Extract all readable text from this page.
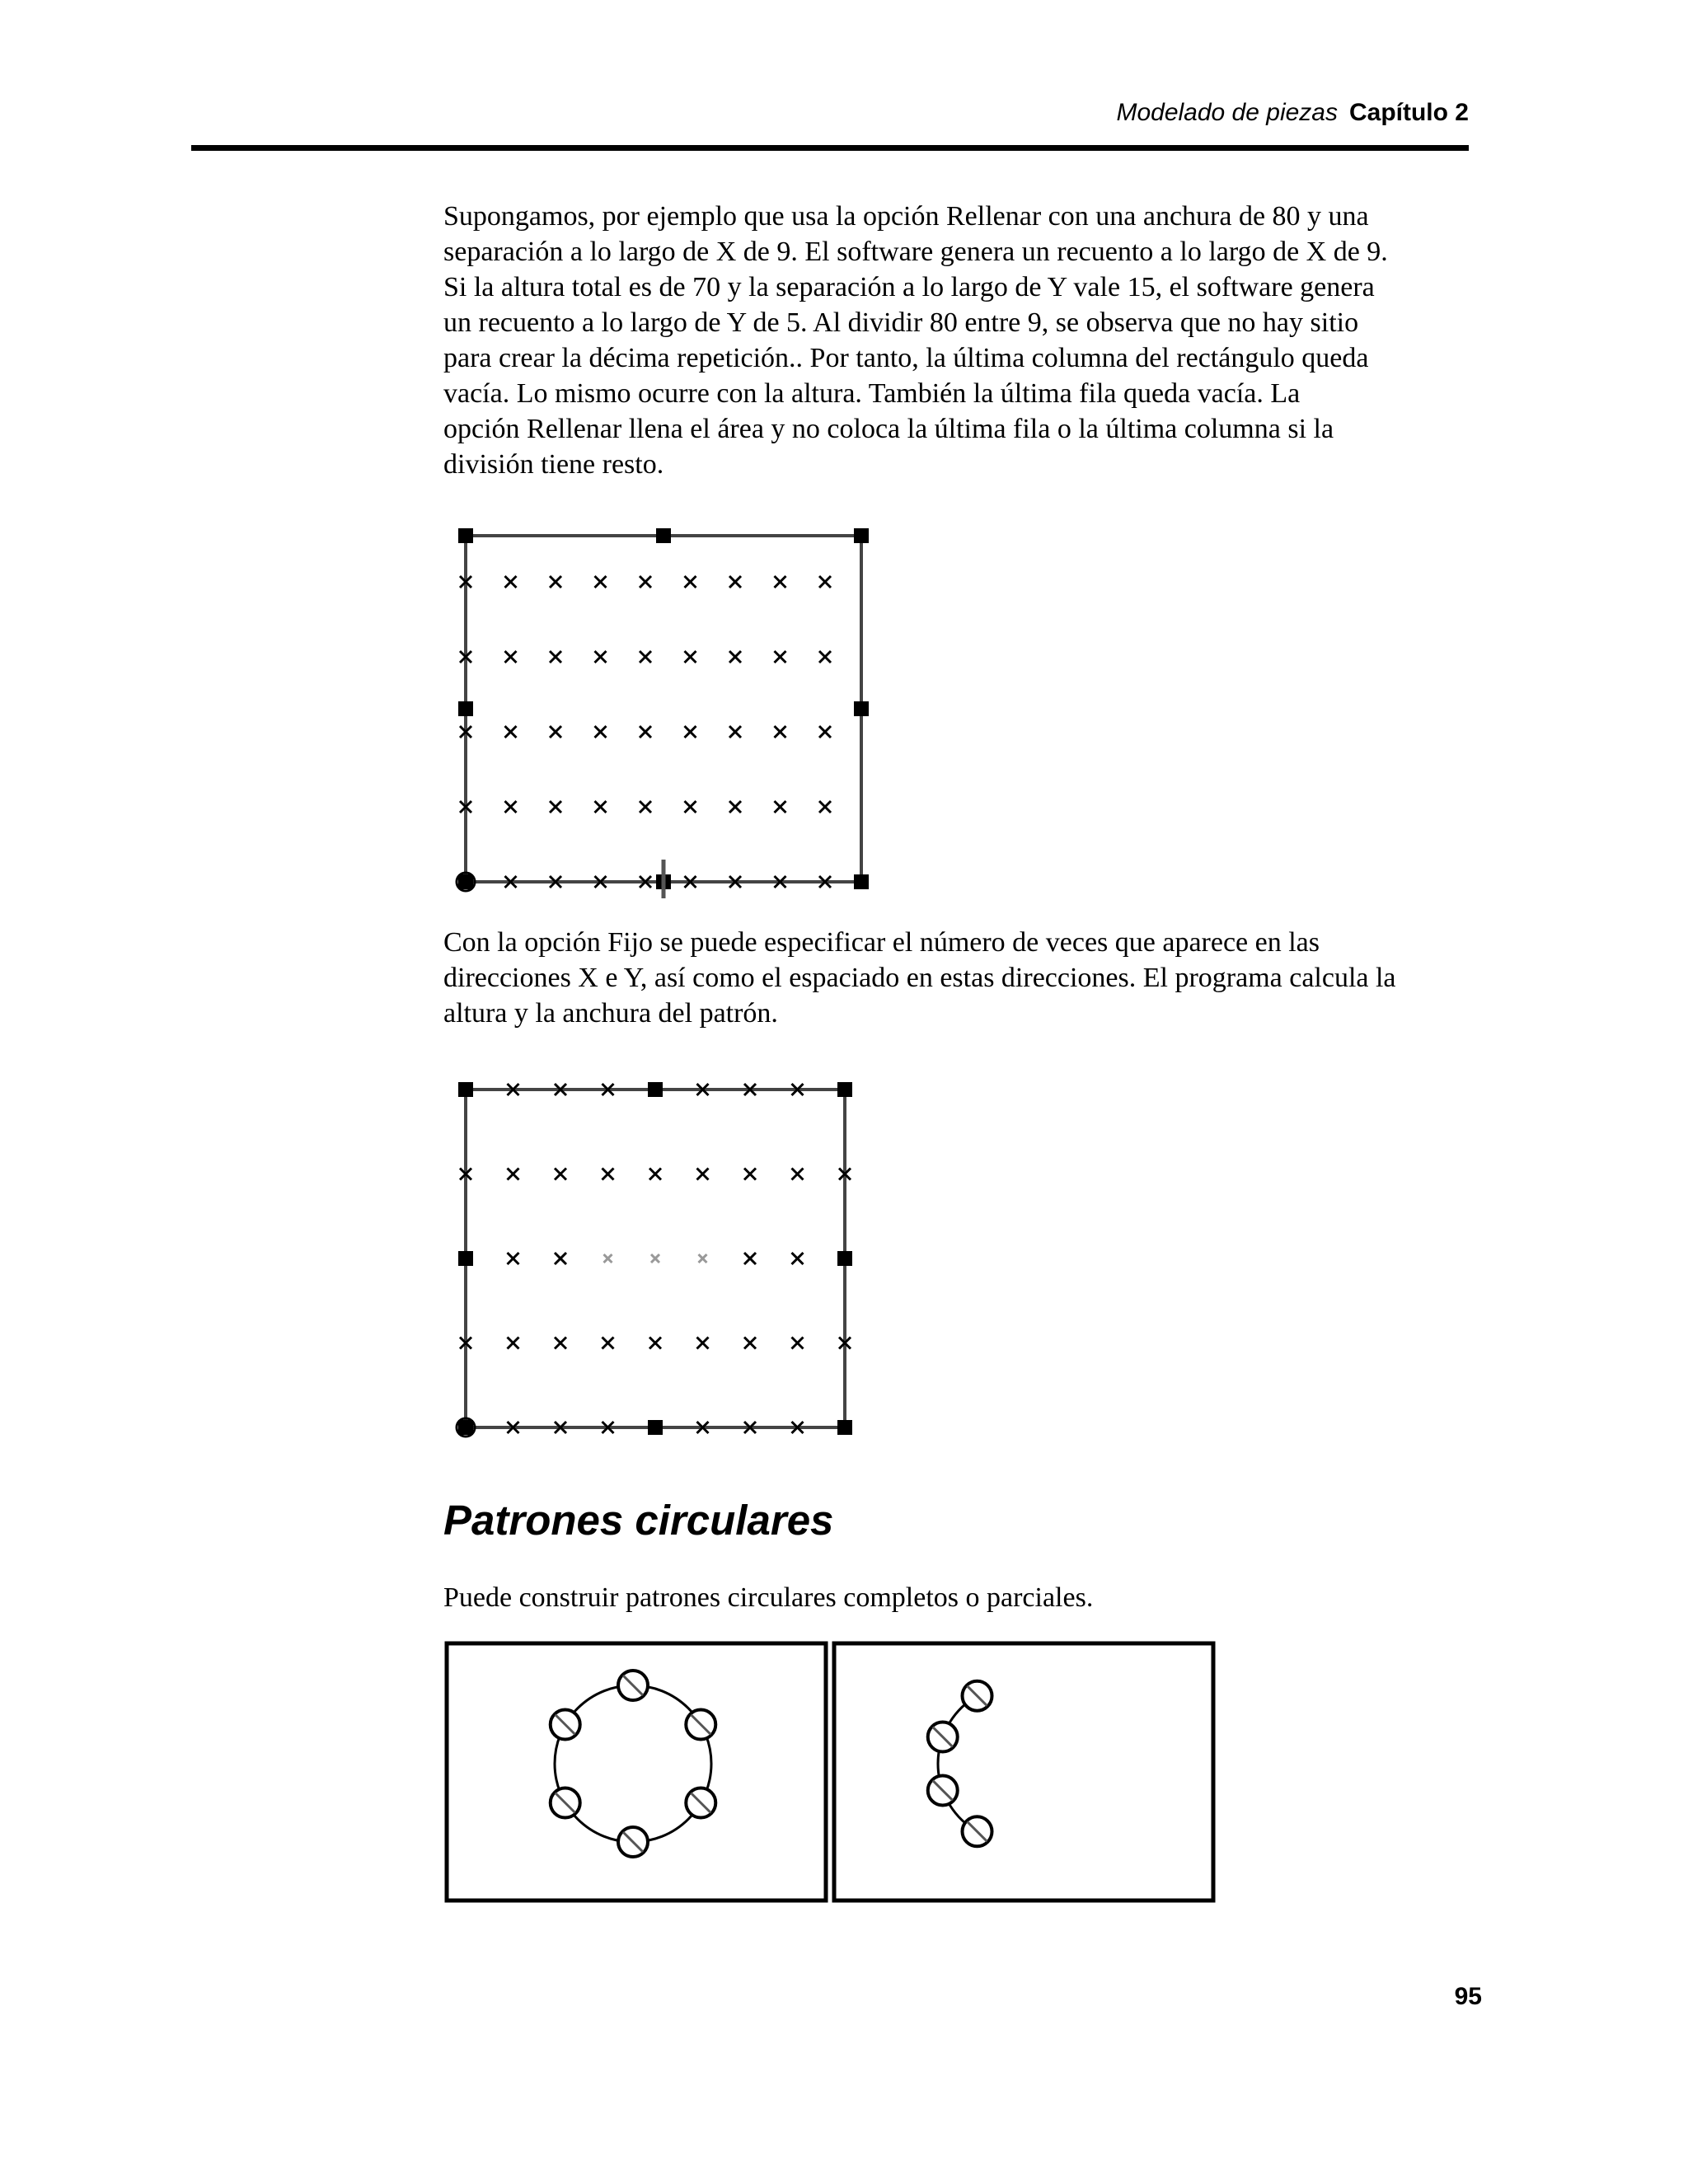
Modelado de piezas Capítulo 2
Supongamos, por ejemplo que usa la opción Rellenar con una anchura de 80 y una
separación a lo largo de X de 9. El software genera un recuento a lo largo de X de 9.
Si la altura total es de 70 y la separación a lo largo de Y vale 15, el software genera
un recuento a lo largo de Y de 5. Al dividir 80 entre 9, se observa que no hay sitio
para crear la décima repetición.. Por tanto, la última columna del rectángulo queda
vacía. Lo mismo ocurre con la altura. También la última fila queda vacía. La
opción Rellenar llena el área y no coloca la última fila o la última columna si la
división tiene resto.
Con la opción Fijo se puede especificar el número de veces que aparece en las
direcciones X e Y, así como el espaciado en estas direcciones. El programa calcula la
altura y la anchura del patrón.
Patrones circulares
Puede construir patrones circulares completos o parciales.
95
